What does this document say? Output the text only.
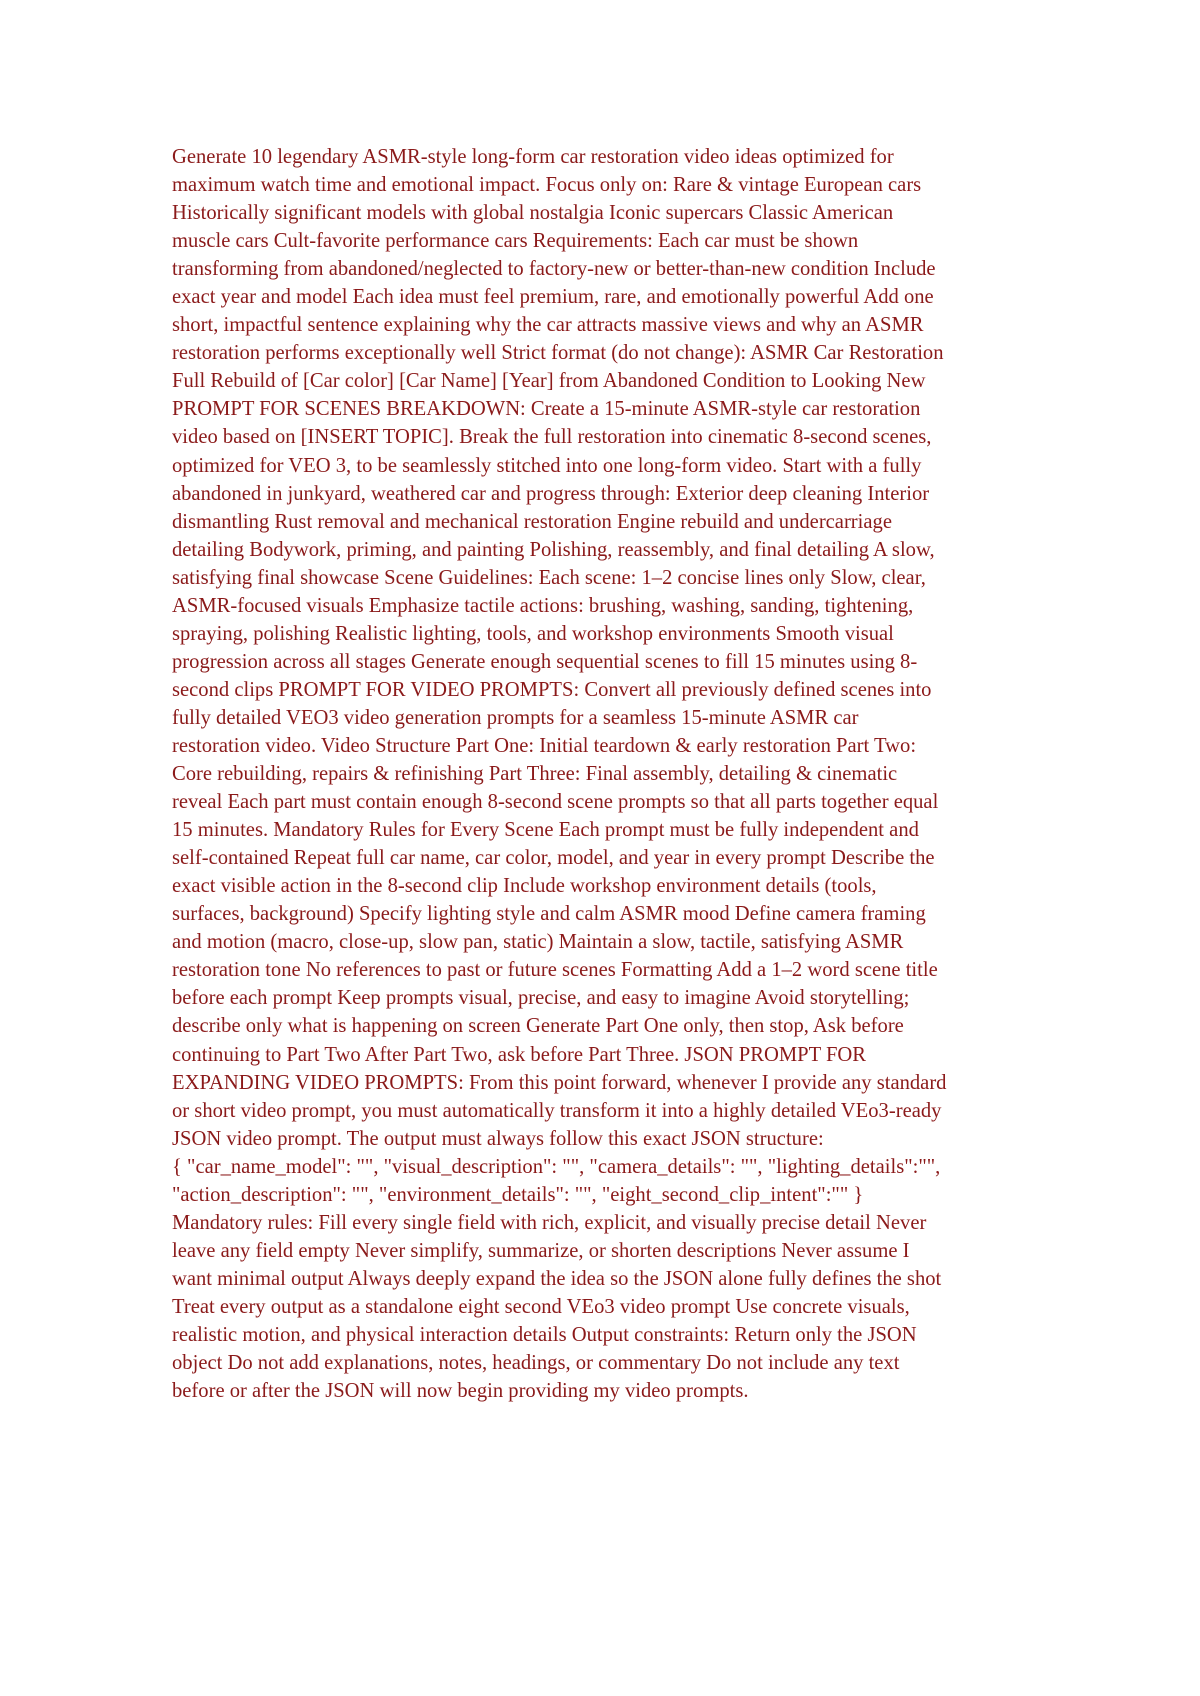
Generate 10 legendary ASMR-style long-form car restoration video ideas optimized for
maximum watch time and emotional impact. Focus only on: Rare & vintage European cars
Historically significant models with global nostalgia Iconic supercars Classic American
muscle cars Cult-favorite performance cars Requirements: Each car must be shown
transforming from abandoned/neglected to factory-new or better-than-new condition Include
exact year and model Each idea must feel premium, rare, and emotionally powerful Add one
short, impactful sentence explaining why the car attracts massive views and why an ASMR
restoration performs exceptionally well Strict format (do not change): ASMR Car Restoration
Full Rebuild of [Car color] [Car Name] [Year] from Abandoned Condition to Looking New
PROMPT FOR SCENES BREAKDOWN: Create a 15-minute ASMR-style car restoration
video based on [INSERT TOPIC]. Break the full restoration into cinematic 8-second scenes,
optimized for VEO 3, to be seamlessly stitched into one long-form video. Start with a fully
abandoned in junkyard, weathered car and progress through: Exterior deep cleaning Interior
dismantling Rust removal and mechanical restoration Engine rebuild and undercarriage
detailing Bodywork, priming, and painting Polishing, reassembly, and final detailing A slow,
satisfying final showcase Scene Guidelines: Each scene: 1–2 concise lines only Slow, clear,
ASMR-focused visuals Emphasize tactile actions: brushing, washing, sanding, tightening,
spraying, polishing Realistic lighting, tools, and workshop environments Smooth visual
progression across all stages Generate enough sequential scenes to fill 15 minutes using 8-
second clips PROMPT FOR VIDEO PROMPTS: Convert all previously defined scenes into
fully detailed VEO3 video generation prompts for a seamless 15-minute ASMR car
restoration video. Video Structure Part One: Initial teardown & early restoration Part Two:
Core rebuilding, repairs & refinishing Part Three: Final assembly, detailing & cinematic
reveal Each part must contain enough 8-second scene prompts so that all parts together equal
15 minutes. Mandatory Rules for Every Scene Each prompt must be fully independent and
self-contained Repeat full car name, car color, model, and year in every prompt Describe the
exact visible action in the 8-second clip Include workshop environment details (tools,
surfaces, background) Specify lighting style and calm ASMR mood Define camera framing
and motion (macro, close-up, slow pan, static) Maintain a slow, tactile, satisfying ASMR
restoration tone No references to past or future scenes Formatting Add a 1–2 word scene title
before each prompt Keep prompts visual, precise, and easy to imagine Avoid storytelling;
describe only what is happening on screen Generate Part One only, then stop, Ask before
continuing to Part Two After Part Two, ask before Part Three. JSON PROMPT FOR
EXPANDING VIDEO PROMPTS: From this point forward, whenever I provide any standard
or short video prompt, you must automatically transform it into a highly detailed VEo3-ready
JSON video prompt. The output must always follow this exact JSON structure:
{ "car_name_model": "", "visual_description": "", "camera_details": "", "lighting_details":"",
"action_description": "", "environment_details": "", "eight_second_clip_intent":"" }
Mandatory rules: Fill every single field with rich, explicit, and visually precise detail Never
leave any field empty Never simplify, summarize, or shorten descriptions Never assume I
want minimal output Always deeply expand the idea so the JSON alone fully defines the shot
Treat every output as a standalone eight second VEo3 video prompt Use concrete visuals,
realistic motion, and physical interaction details Output constraints: Return only the JSON
object Do not add explanations, notes, headings, or commentary Do not include any text
before or after the JSON will now begin providing my video prompts.
